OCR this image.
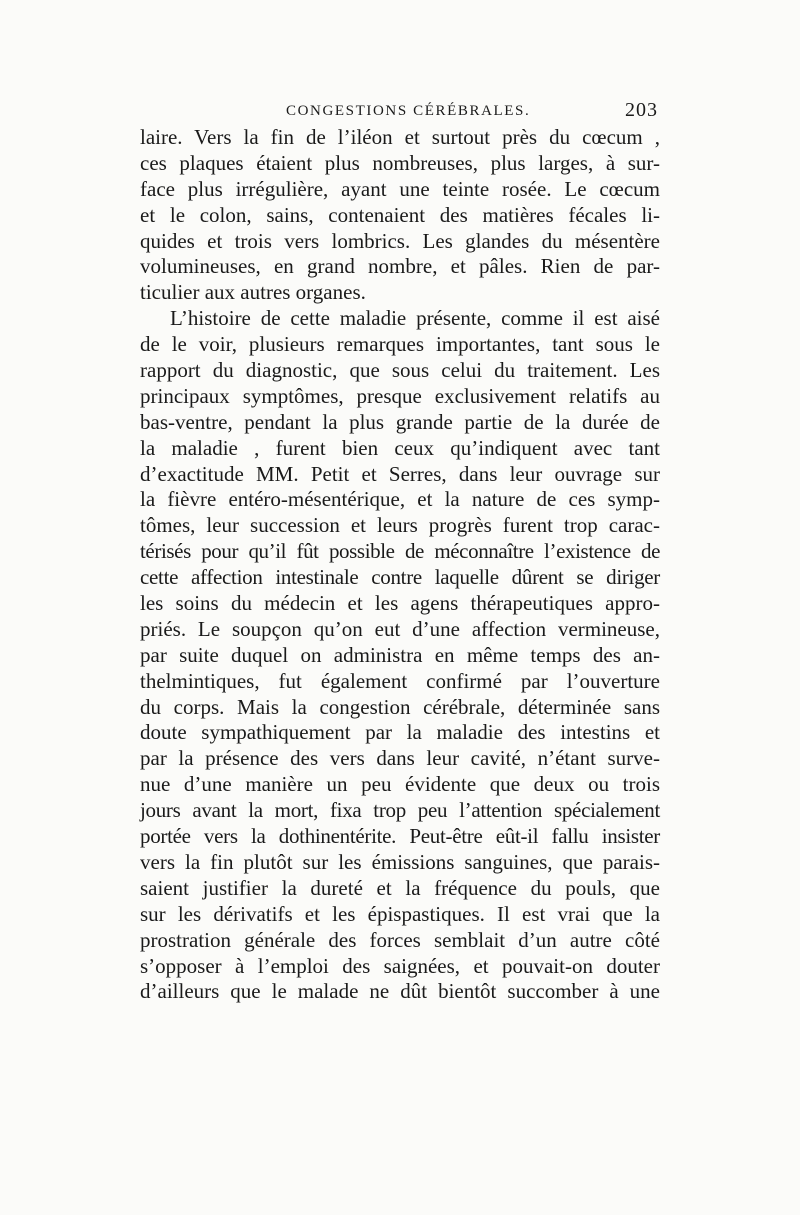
CONGESTIONS CÉRÉBRALES.	203
laire. Vers la fin de l’iléon et surtout près du cœcum ,
ces plaques étaient plus nombreuses, plus larges, à sur-
face plus irrégulière, ayant une teinte rosée. Le cœcum
et le colon, sains, contenaient des matières fécales li-
quides et trois vers lombrics. Les glandes du mésentère
volumineuses, en grand nombre, et pâles. Rien de par-
ticulier aux autres organes.
L’histoire de cette maladie présente, comme il est aisé
de le voir, plusieurs remarques importantes, tant sous le
rapport du diagnostic, que sous celui du traitement. Les
principaux symptômes, presque exclusivement relatifs au
bas-ventre, pendant la plus grande partie de la durée de
la maladie , furent bien ceux qu’indiquent avec tant
d’exactitude MM. Petit et Serres, dans leur ouvrage sur
la fièvre entéro-mésentérique, et la nature de ces symp-
tômes, leur succession et leurs progrès furent trop carac-
térisés pour qu’il fût possible de méconnaître l’existence de
cette affection intestinale contre laquelle dûrent se diriger
les soins du médecin et les agens thérapeutiques appro-
priés. Le soupçon qu’on eut d’une affection vermineuse,
par suite duquel on administra en même temps des an-
thelmintiques, fut également confirmé par l’ouverture
du corps. Mais la congestion cérébrale, déterminée sans
doute sympathiquement par la maladie des intestins et
par la présence des vers dans leur cavité, n’étant surve-
nue d’une manière un peu évidente que deux ou trois
jours avant la mort, fixa trop peu l’attention spécialement
portée vers la dothinentérite. Peut-être eût-il fallu insister
vers la fin plutôt sur les émissions sanguines, que parais-
saient justifier la dureté et la fréquence du pouls, que
sur les dérivatifs et les épispastiques. Il est vrai que la
prostration générale des forces semblait d’un autre côté
s’opposer à l’emploi des saignées, et pouvait-on douter
d’ailleurs que le malade ne dût bientôt succomber à une
